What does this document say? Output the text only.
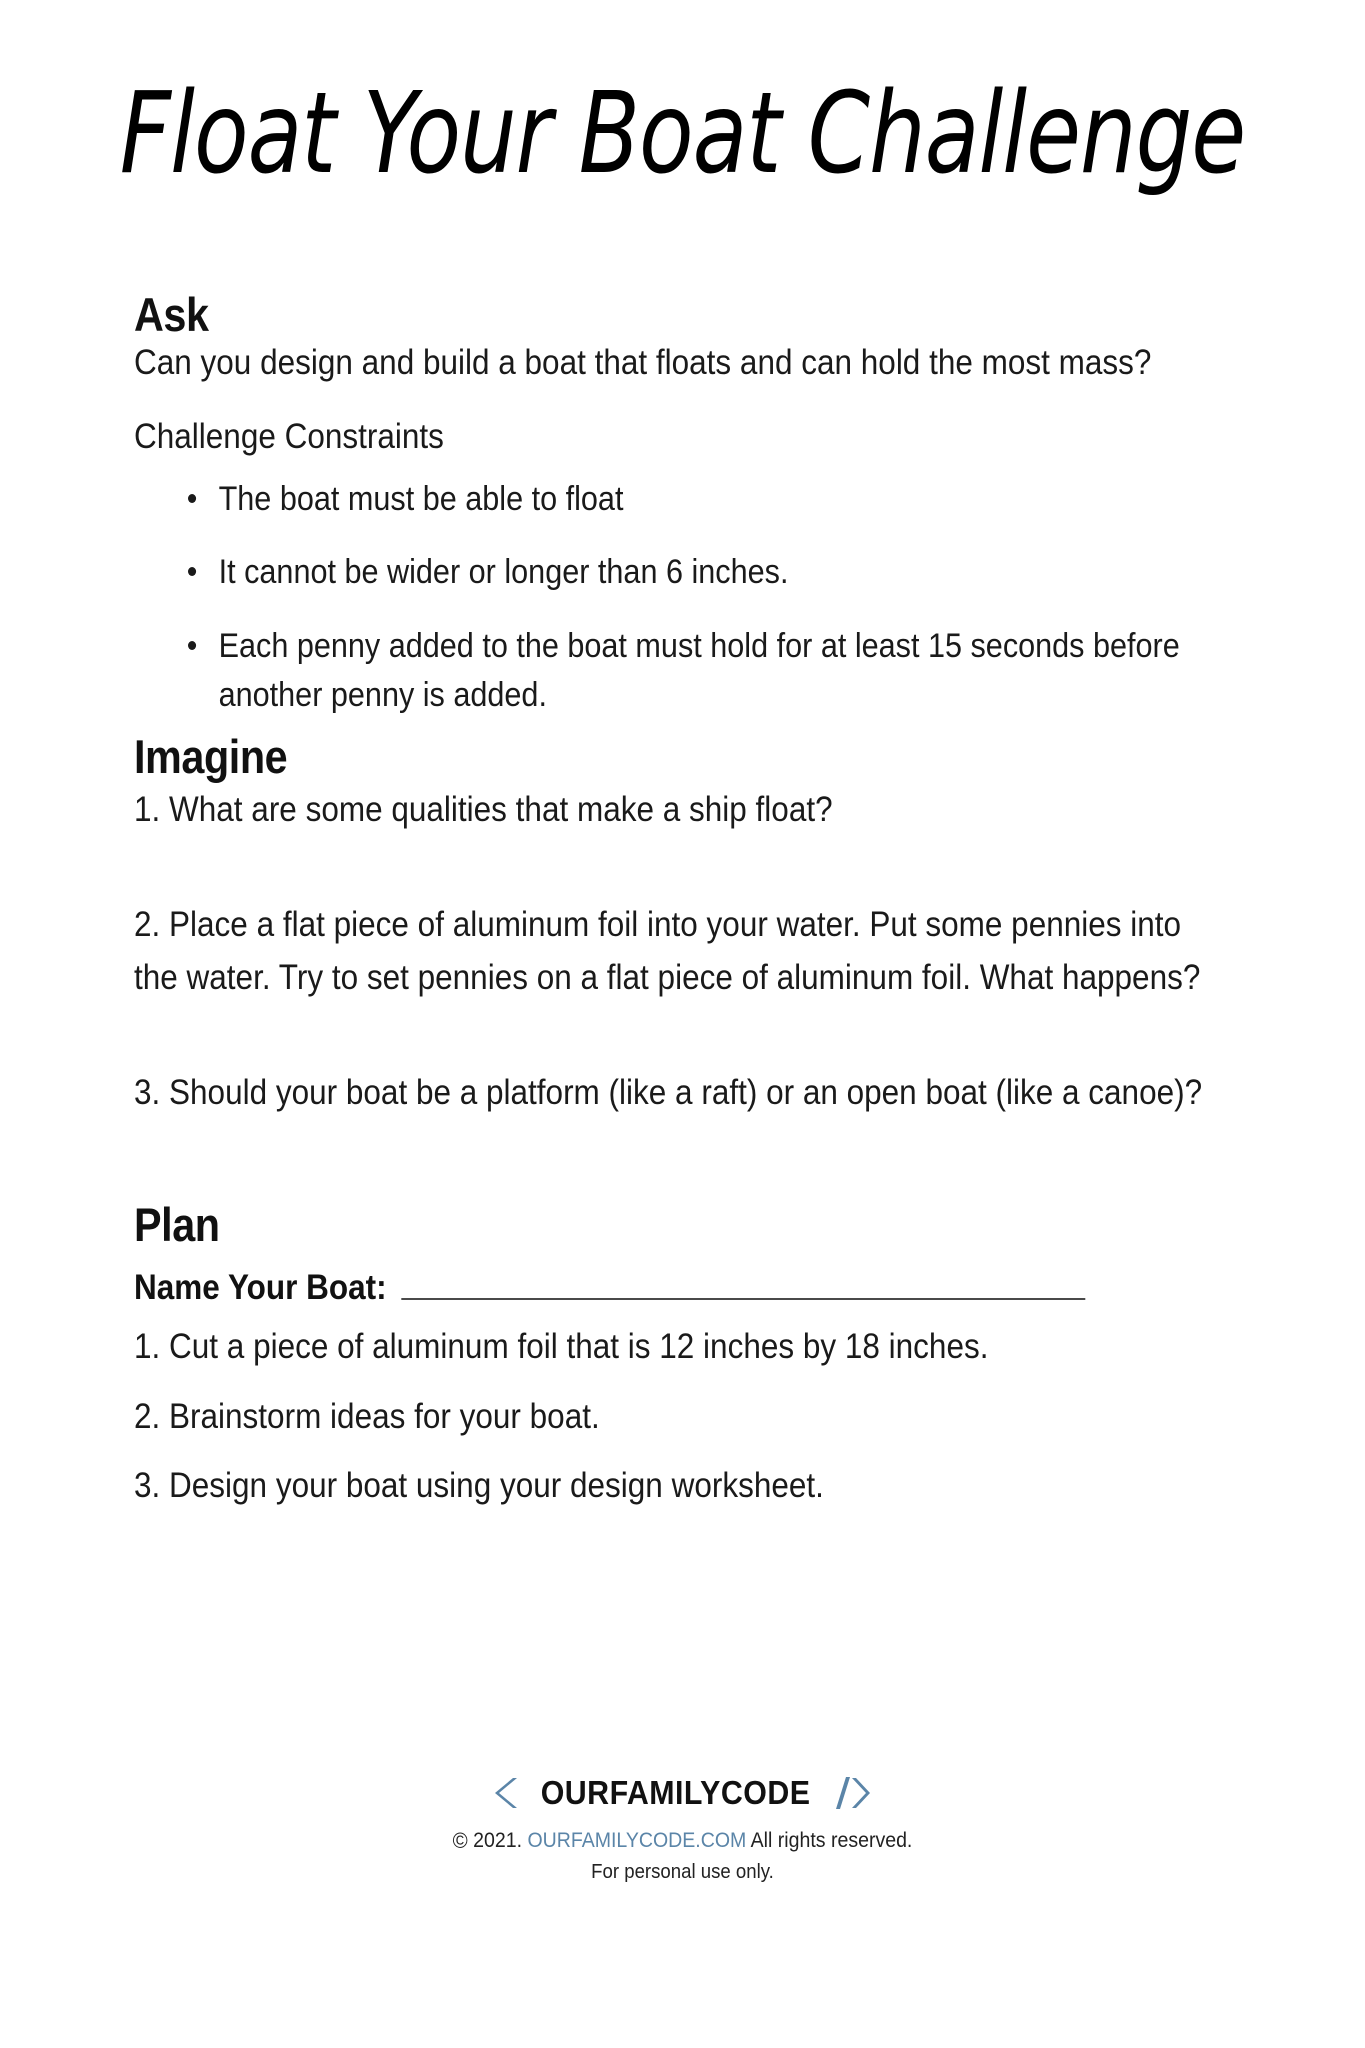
Float Your Boat Challenge
Ask

Can you design and build a boat that floats and can hold the most mass?

Challenge Constraints

The boat must be able to float
It cannot be wider or longer than 6 inches.
Each penny added to the boat must hold for at least 15 seconds before another penny is added.
Imagine

1. What are some qualities that make a ship float?

2. Place a flat piece of aluminum foil into your water. Put some pennies into the water. Try to set pennies on a flat piece of aluminum foil. What happens?

3. Should your boat be a platform (like a raft) or an open boat (like a canoe)?

Plan
Name Your Boat:

1. Cut a piece of aluminum foil that is 12 inches by 18 inches.

2. Brainstorm ideas for your boat.

3. Design your boat using your design worksheet.

OURFAMILYCODE
© 2021. OURFAMILYCODE.COM All rights reserved.
For personal use only.
